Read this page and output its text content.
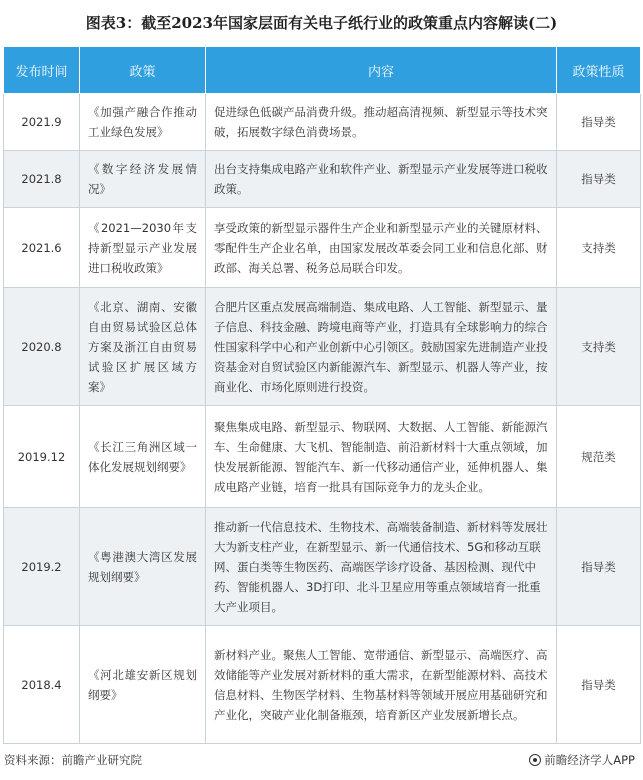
图表3：截至2023年国家层面有关电子纸行业的政策重点内容解读(二)
发布时间	政策	内容	政策性质
2021.9	《加强产融合作推动工业绿色发展》	促进绿色低碳产品消费升级。推动超高清视频、新型显示等技术突破，拓展数字绿色消费场景。	指导类
2021.8	《数字经济发展情况》	出台支持集成电路产业和软件产业、新型显示产业发展等进口税收政策。	指导类
2021.6	《2021—2030年支持新型显示产业发展进口税收政策》	享受政策的新型显示器件生产企业和新型显示产业的关键原材料、零配件生产企业名单，由国家发展改革委会同工业和信息化部、财政部、海关总署、税务总局联合印发。	支持类
2020.8	《北京、湖南、安徽自由贸易试验区总体方案及浙江自由贸易试验区扩展区域方案》	合肥片区重点发展高端制造、集成电路、人工智能、新型显示、量子信息、科技金融、跨境电商等产业，打造具有全球影响力的综合性国家科学中心和产业创新中心引领区。鼓励国家先进制造产业投资基金对自贸试验区内新能源汽车、新型显示、机器人等产业，按商业化、市场化原则进行投资。	支持类
2019.12	《长江三角洲区域一体化发展规划纲要》	聚焦集成电路、新型显示、物联网、大数据、人工智能、新能源汽车、生命健康、大飞机、智能制造、前沿新材料十大重点领域，加快发展新能源、智能汽车、新一代移动通信产业，延伸机器人、集成电路产业链，培育一批具有国际竞争力的龙头企业。	规范类
2019.2	《粤港澳大湾区发展规划纲要》	推动新一代信息技术、生物技术、高端装备制造、新材料等发展壮大为新支柱产业，在新型显示、新一代通信技术、5G和移动互联网、蛋白类等生物医药、高端医学诊疗设备、基因检测、现代中药、智能机器人、3D打印、北斗卫星应用等重点领域培育一批重大产业项目。	指导类
2018.4	《河北雄安新区规划纲要》	新材料产业。聚焦人工智能、宽带通信、新型显示、高端医疗、高效储能等产业发展对新材料的重大需求，在新型能源材料、高技术信息材料、生物医学材料、生物基材料等领域开展应用基础研究和产业化，突破产业化制备瓶颈，培育新区产业发展新增长点。	指导类
资料来源：前瞻产业研究院	前瞻经济学人APP
